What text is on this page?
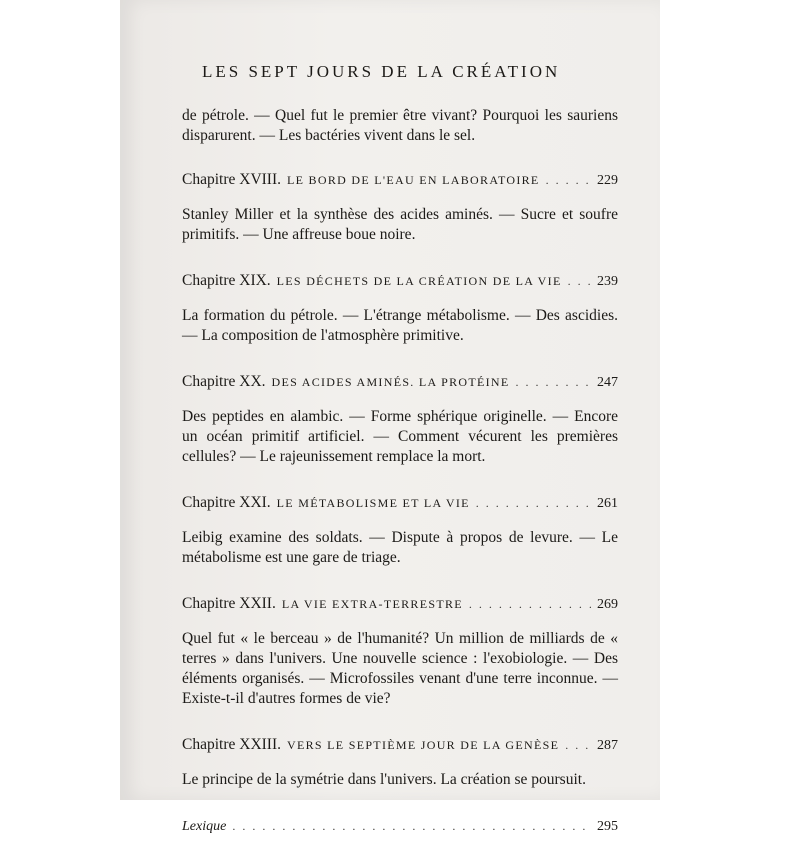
LES SEPT JOURS DE LA CRÉATION

de pétrole. — Quel fut le premier être vivant? Pourquoi les sauriens disparurent. — Les bactéries vivent dans le sel.

Chapitre XVIII. LE BORD DE L'EAU EN LABORATOIRE . . .	229

Stanley Miller et la synthèse des acides aminés. — Sucre et soufre primitifs. — Une affreuse boue noire.

Chapitre XIX. LES DÉCHETS DE LA CRÉATION DE LA VIE . . .	239

La formation du pétrole. — L'étrange métabolisme. — Des ascidies. — La composition de l'atmosphère primitive.

Chapitre XX. DES ACIDES AMINÉS. LA PROTÉINE . . .	247

Des peptides en alambic. — Forme sphérique originelle. — Encore un océan primitif artificiel. — Comment vécurent les premières cellules? — Le rajeunissement remplace la mort.

Chapitre XXI. LE MÉTABOLISME ET LA VIE . . .	261

Leibig examine des soldats. — Dispute à propos de levure. — Le métabolisme est une gare de triage.

Chapitre XXII. LA VIE EXTRA-TERRESTRE . . .	269

Quel fut « le berceau » de l'humanité? Un million de milliards de « terres » dans l'univers. Une nouvelle science : l'exobiologie. — Des éléments organisés. — Microfossiles venant d'une terre inconnue. — Existe-t-il d'autres formes de vie?

Chapitre XXIII. VERS LE SEPTIÈME JOUR DE LA GENÈSE . . .	287

Le principe de la symétrie dans l'univers. La création se poursuit.

Lexique . . .	295
